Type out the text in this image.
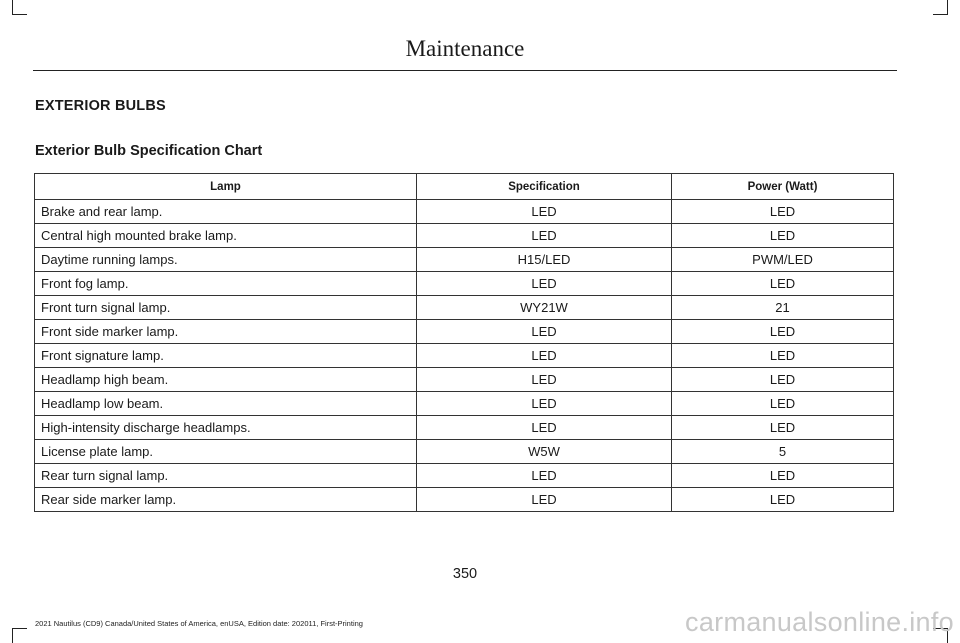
Maintenance
EXTERIOR BULBS
Exterior Bulb Specification Chart
Lamp	Specification	Power (Watt)
Brake and rear lamp.	LED	LED
Central high mounted brake lamp.	LED	LED
Daytime running lamps.	H15/LED	PWM/LED
Front fog lamp.	LED	LED
Front turn signal lamp.	WY21W	21
Front side marker lamp.	LED	LED
Front signature lamp.	LED	LED
Headlamp high beam.	LED	LED
Headlamp low beam.	LED	LED
High-intensity discharge headlamps.	LED	LED
License plate lamp.	W5W	5
Rear turn signal lamp.	LED	LED
Rear side marker lamp.	LED	LED
350
2021 Nautilus (CD9) Canada/United States of America, enUSA, Edition date: 202011, First-Printing	carmanualsonline.info
